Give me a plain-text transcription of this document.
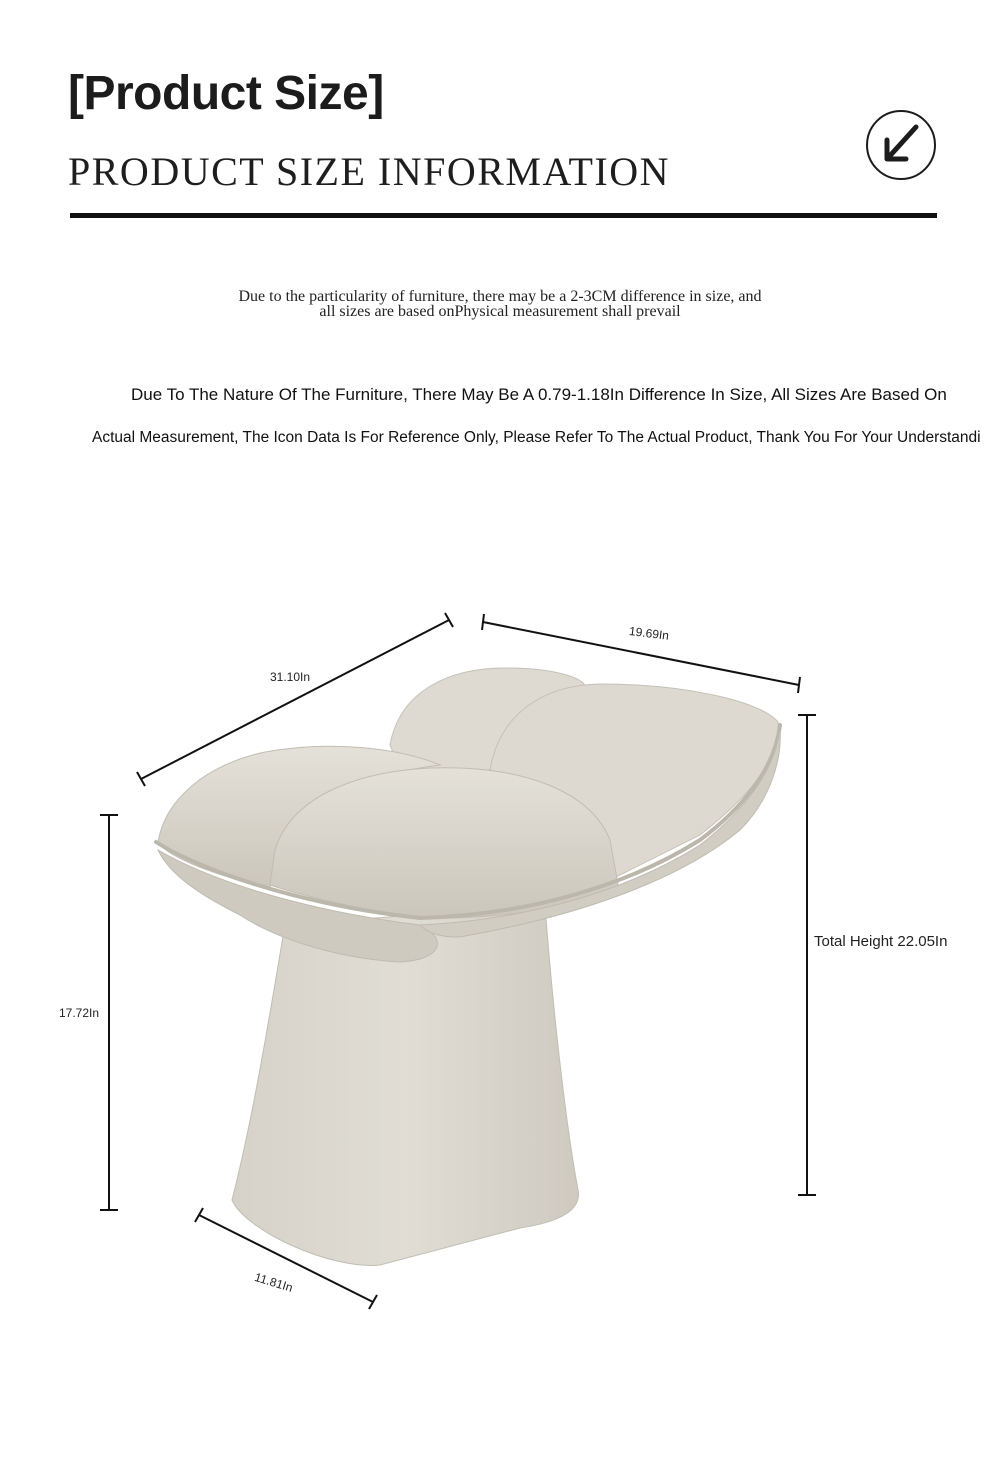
[Product Size]
PRODUCT SIZE INFORMATION
Due to the particularity of furniture, there may be a 2-3CM difference in size, and
all sizes are based onPhysical measurement shall prevail
Due To The Nature Of The Furniture, There May Be A 0.79-1.18In Difference In Size, All Sizes Are Based On
Actual Measurement, The Icon Data Is For Reference Only, Please Refer To The Actual Product, Thank You For Your Understandi
19.69In
31.10In
17.72In
Total Height 22.05In
11.81In
